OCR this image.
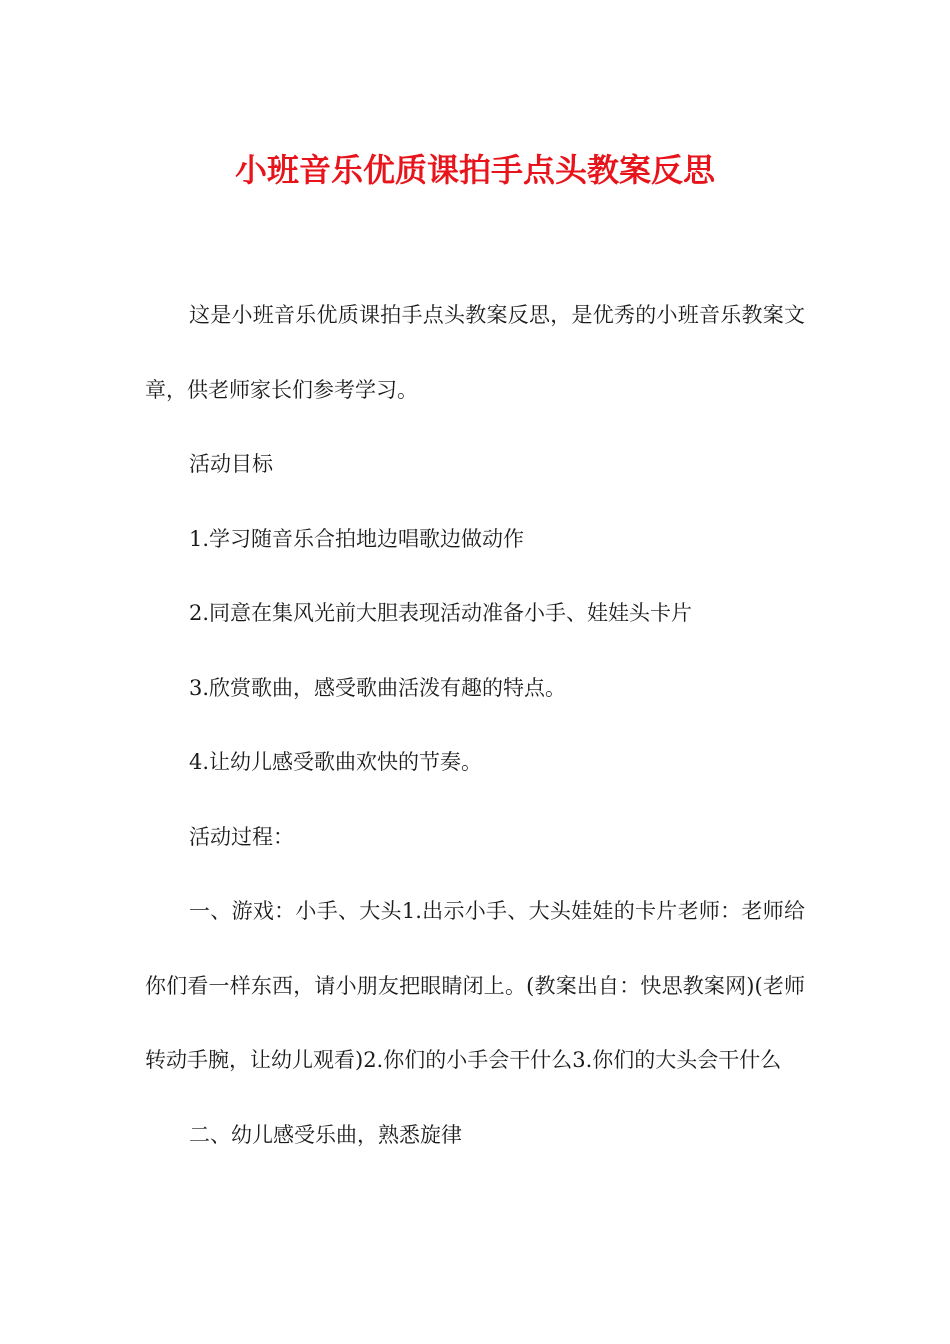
小班音乐优质课拍手点头教案反思

这是小班音乐优质课拍手点头教案反思，是优秀的小班音乐教案文章，供老师家长们参考学习。

活动目标

1.学习随音乐合拍地边唱歌边做动作

2.同意在集风光前大胆表现活动准备小手、娃娃头卡片

3.欣赏歌曲，感受歌曲活泼有趣的特点。

4.让幼儿感受歌曲欢快的节奏。

活动过程：

一、游戏：小手、大头1.出示小手、大头娃娃的卡片老师：老师给你们看一样东西，请小朋友把眼睛闭上。(教案出自：快思教案网)(老师转动手腕，让幼儿观看)2.你们的小手会干什么3.你们的大头会干什么

二、幼儿感受乐曲，熟悉旋律
